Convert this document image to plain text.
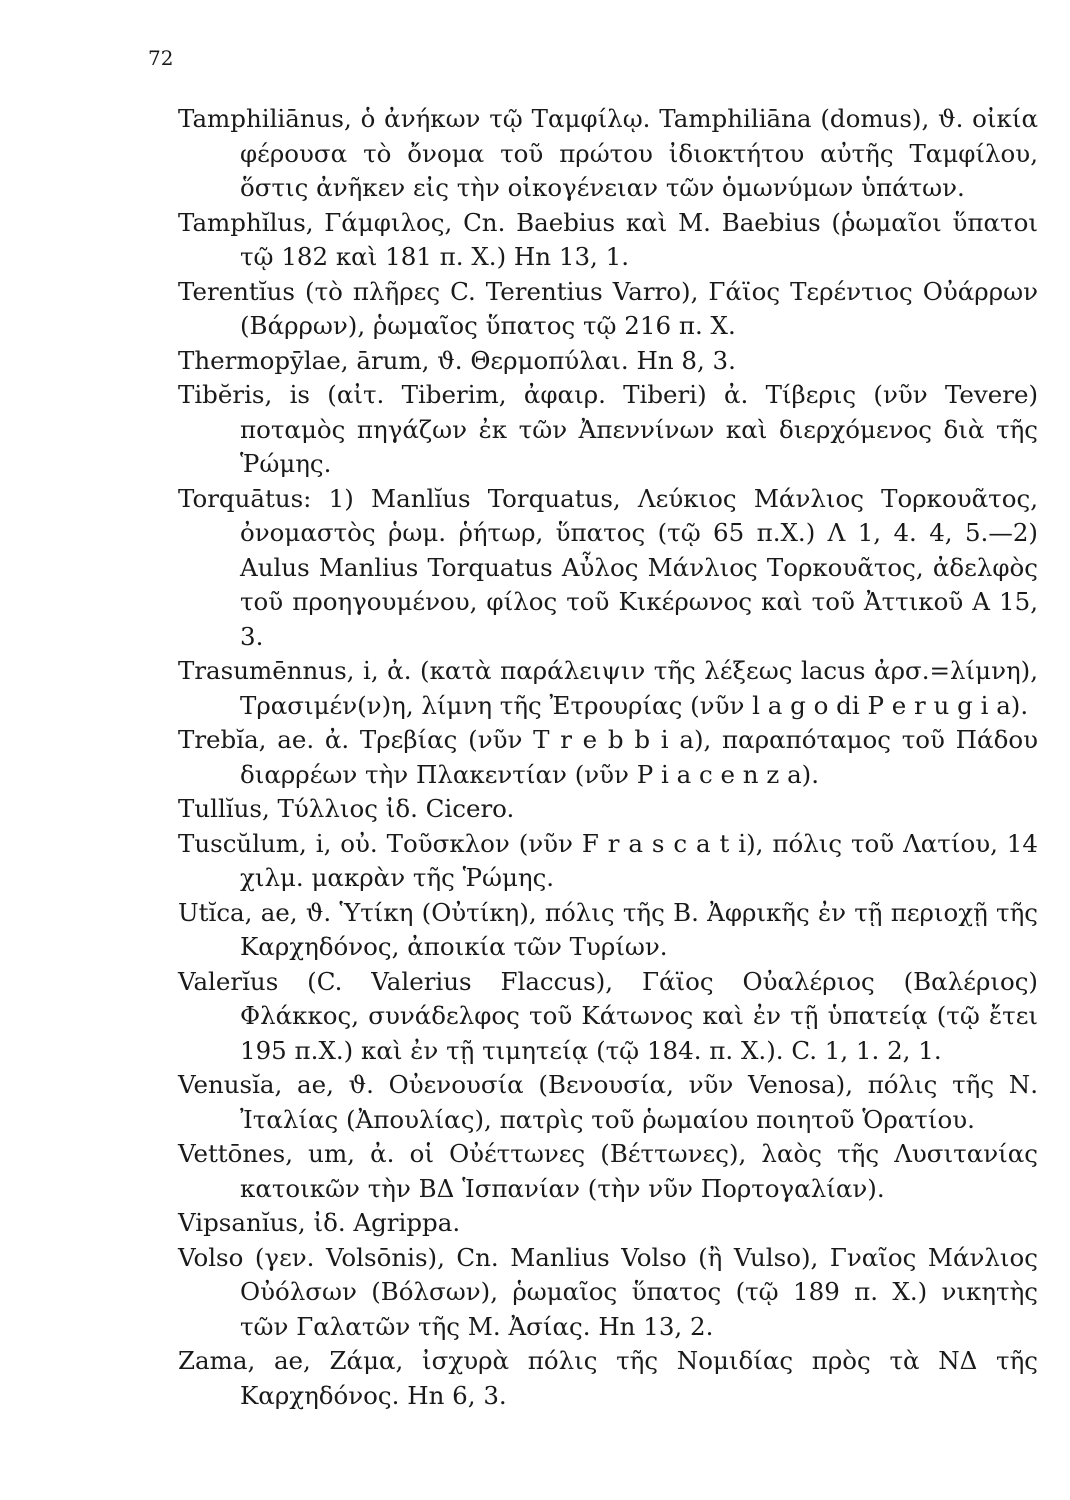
72
Tamphiliānus, ὁ ἀνήκων τῷ Ταμφίλῳ. Tamphiliāna (domus), ϑ. οἰκία φέρουσα τὸ ὄνομα τοῦ πρώτου ἰδιοκτήτου αὐτῆς Ταμφίλου, ὅστις ἀνῆκεν εἰς τὴν οἰκογένειαν τῶν ὁμωνύμων ὑπάτων.
Tamphĭlus, Γάμφιλος, Cn. Baebius καὶ M. Baebius (ῥωμαῖοι ὕπατοι τῷ 182 καὶ 181 π. Χ.) Hn 13, 1.
Terentĭus (τὸ πλῆρες C. Terentius Varro), Γάϊος Τερέντιος Οὐάρρων (Βάρρων), ῥωμαῖος ὕπατος τῷ 216 π. Χ.
Thermopȳlae, ārum, ϑ. Θερμοπύλαι. Hn 8, 3.
Tibĕris, is (αἰτ. Tiberim, ἀφαιρ. Tiberi) ἀ. Τίβερις (νῦν Tevere) ποταμὸς πηγάζων ἐκ τῶν Ἀπεννίνων καὶ διερχόμενος διὰ τῆς Ῥώμης.
Torquātus: 1) Manlĭus Torquatus, Λεύκιος Μάνλιος Τορκουᾶτος, ὀνομαστὸς ῥωμ. ῥήτωρ, ὕπατος (τῷ 65 π.Χ.) Λ 1, 4. 4, 5.—2) Aulus Manlius Torquatus Αὖλος Μάνλιος Τορκουᾶτος, ἀδελφὸς τοῦ προηγουμένου, φίλος τοῦ Κικέρωνος καὶ τοῦ Ἀττικοῦ Α 15, 3.
Trasumēnnus, i, ἀ. (κατὰ παράλειψιν τῆς λέξεως lacus ἀρσ.=λίμνη), Τρασιμέν(ν)η, λίμνη τῆς Ἐτρουρίας (νῦν l a g o di P e r u g i a).
Trebĭa, ae. ἀ. Τρεβίας (νῦν T r e b b i a), παραπόταμος τοῦ Πάδου διαρρέων τὴν Πλακεντίαν (νῦν P i a c e n z a).
Tullĭus, Τύλλιος ἰδ. Cicero.
Tuscŭlum, i, οὐ. Τοῦσκλον (νῦν F r a s c a t i), πόλις τοῦ Λατίου, 14 χιλμ. μακρὰν τῆς Ῥώμης.
Utĭca, ae, ϑ. Ὑτίκη (Οὐτίκη), πόλις τῆς Β. Ἀφρικῆς ἐν τῇ περιοχῇ τῆς Καρχηδόνος, ἀποικία τῶν Τυρίων.
Valerĭus (C. Valerius Flaccus), Γάϊος Οὐαλέριος (Βαλέριος) Φλάκκος, συνάδελφος τοῦ Κάτωνος καὶ ἐν τῇ ὑπατείᾳ (τῷ ἔτει 195 π.Χ.) καὶ ἐν τῇ τιμητείᾳ (τῷ 184. π. Χ.). C. 1, 1. 2, 1.
Venusĭa, ae, ϑ. Οὐενουσία (Βενουσία, νῦν Venosa), πόλις τῆς Ν. Ἰταλίας (Ἀπουλίας), πατρὶς τοῦ ῥωμαίου ποιητοῦ Ὁρατίου.
Vettōnes, um, ἀ. οἱ Οὐέττωνες (Βέττωνες), λαὸς τῆς Λυσιτανίας κατοικῶν τὴν ΒΔ Ἱσπανίαν (τὴν νῦν Πορτογαλίαν).
Vipsanĭus, ἰδ. Agrippa.
Volso (γεν. Volsōnis), Cn. Manlius Volso (ἢ Vulso), Γναῖος Μάνλιος Οὐόλσων (Βόλσων), ῥωμαῖος ὕπατος (τῷ 189 π. Χ.) νικητὴς τῶν Γαλατῶν τῆς Μ. Ἀσίας. Hn 13, 2.
Zama, ae, Ζάμα, ἰσχυρὰ πόλις τῆς Νομιδίας πρὸς τὰ ΝΔ τῆς Καρχηδόνος. Hn 6, 3.
